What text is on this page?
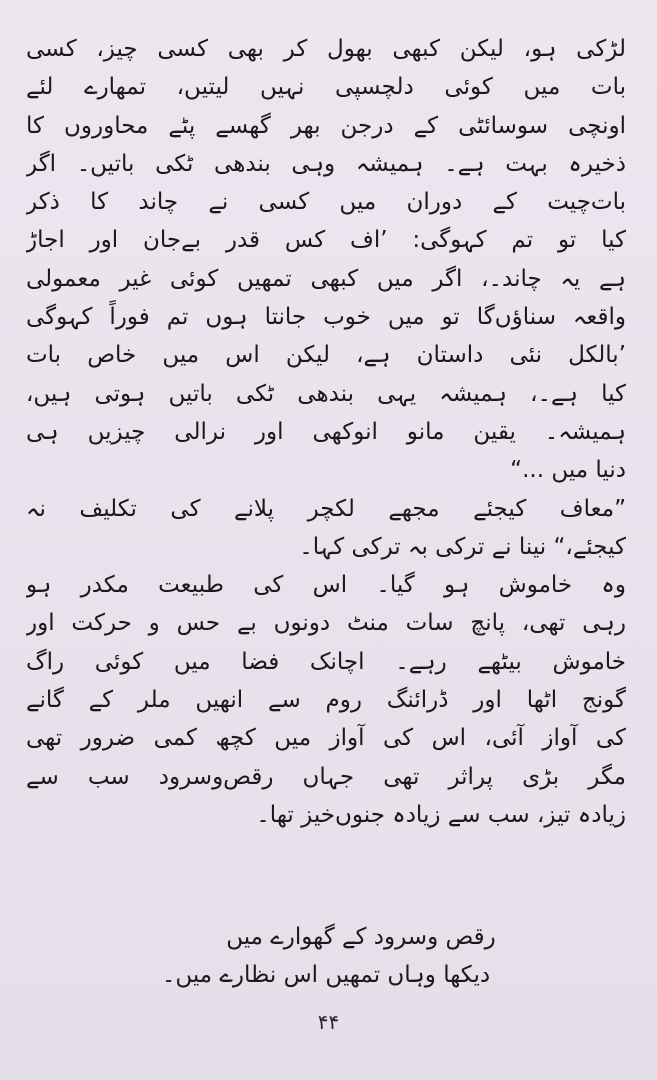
لڑکی ہو، لیکن کبھی بھول کر بھی کسی چیز، کسی
بات میں کوئی دلچسپی نہیں لیتیں، تمھارے لئے
اونچی سوسائٹی کے درجن بھر گھسے پٹے محاوروں کا
ذخیرہ بہت ہے۔ ہمیشہ وہی بندھی ٹکی باتیں۔ اگر
بات‌چیت کے دوران میں کسی نے چاند کا ذکر
کیا تو تم کہوگی: ’اف کس قدر بےجان اور اجاڑ
ہے یہ چاند۔، اگر میں کبھی تمھیں کوئی غیر معمولی
واقعہ سناؤں‌گا تو میں خوب جانتا ہوں تم فوراً کہوگی
’بالکل نئی داستان ہے، لیکن اس میں خاص بات
کیا ہے۔، ہمیشہ یہی بندھی ٹکی باتیں ہوتی ہیں،
ہمیشہ۔ یقین مانو انوکھی اور نرالی چیزیں ہی
دنیا میں ...“
”معاف کیجئے مجھے لکچر پلانے کی تکلیف نہ
کیجئے،“ نینا نے ترکی بہ ترکی کہا۔
وہ خاموش ہو گیا۔ اس کی طبیعت مکدر ہو
رہی تھی، پانچ سات منٹ دونوں بے حس و حرکت اور
خاموش بیٹھے رہے۔ اچانک فضا میں کوئی راگ
گونج اٹھا اور ڈرائنگ روم سے انھیں ملر کے گانے
کی آواز آئی، اس کی آواز میں کچھ کمی ضرور تھی
مگر بڑی پراثر تھی جہاں رقص‌وسرود سب سے
زیادہ تیز، سب سے زیادہ جنوں‌خیز تھا۔
رقص وسرود کے گھوارے میں
دیکھا وہاں تمھیں اس نظارے میں۔
۴۴
